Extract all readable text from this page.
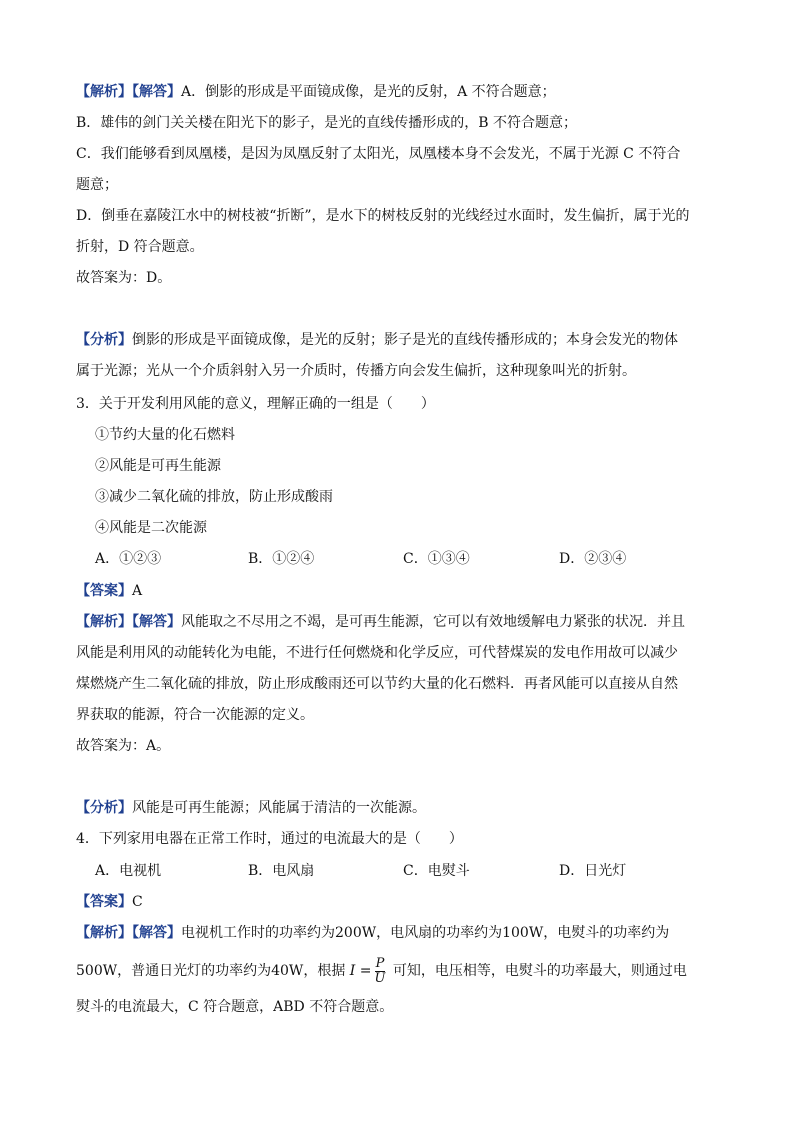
【解析】【解答】A．倒影的形成是平面镜成像，是光的反射，A 不符合题意；
B．雄伟的剑门关关楼在阳光下的影子，是光的直线传播形成的，B 不符合题意；
C．我们能够看到凤凰楼，是因为凤凰反射了太阳光，凤凰楼本身不会发光，不属于光源 C 不符合
题意；
D．倒垂在嘉陵江水中的树枝被“折断”，是水下的树枝反射的光线经过水面时，发生偏折，属于光的
折射，D 符合题意。
故答案为：D。
【分析】倒影的形成是平面镜成像，是光的反射；影子是光的直线传播形成的；本身会发光的物体
属于光源；光从一个介质斜射入另一介质时，传播方向会发生偏折，这种现象叫光的折射。
3．关于开发利用风能的意义，理解正确的一组是（　　）
①节约大量的化石燃料
②风能是可再生能源
③减少二氧化硫的排放，防止形成酸雨
④风能是二次能源
A．①②③	B．①②④	C．①③④	D．②③④
【答案】A
【解析】【解答】风能取之不尽用之不竭，是可再生能源，它可以有效地缓解电力紧张的状况．并且
风能是利用风的动能转化为电能，不进行任何燃烧和化学反应，可代替煤炭的发电作用故可以减少
煤燃烧产生二氧化硫的排放，防止形成酸雨还可以节约大量的化石燃料．再者风能可以直接从自然
界获取的能源，符合一次能源的定义。
故答案为：A。
【分析】风能是可再生能源；风能属于清洁的一次能源。
4．下列家用电器在正常工作时，通过的电流最大的是（　　）
A．电视机	B．电风扇	C．电熨斗	D．日光灯
【答案】C
【解析】【解答】电视机工作时的功率约为200W，电风扇的功率约为100W，电熨斗的功率约为
500W，普通日光灯的功率约为40W，根据 $I = \frac{P}{U}$ 可知，电压相等，电熨斗的功率最大，则通过电
熨斗的电流最大，C 符合题意，ABD 不符合题意。
